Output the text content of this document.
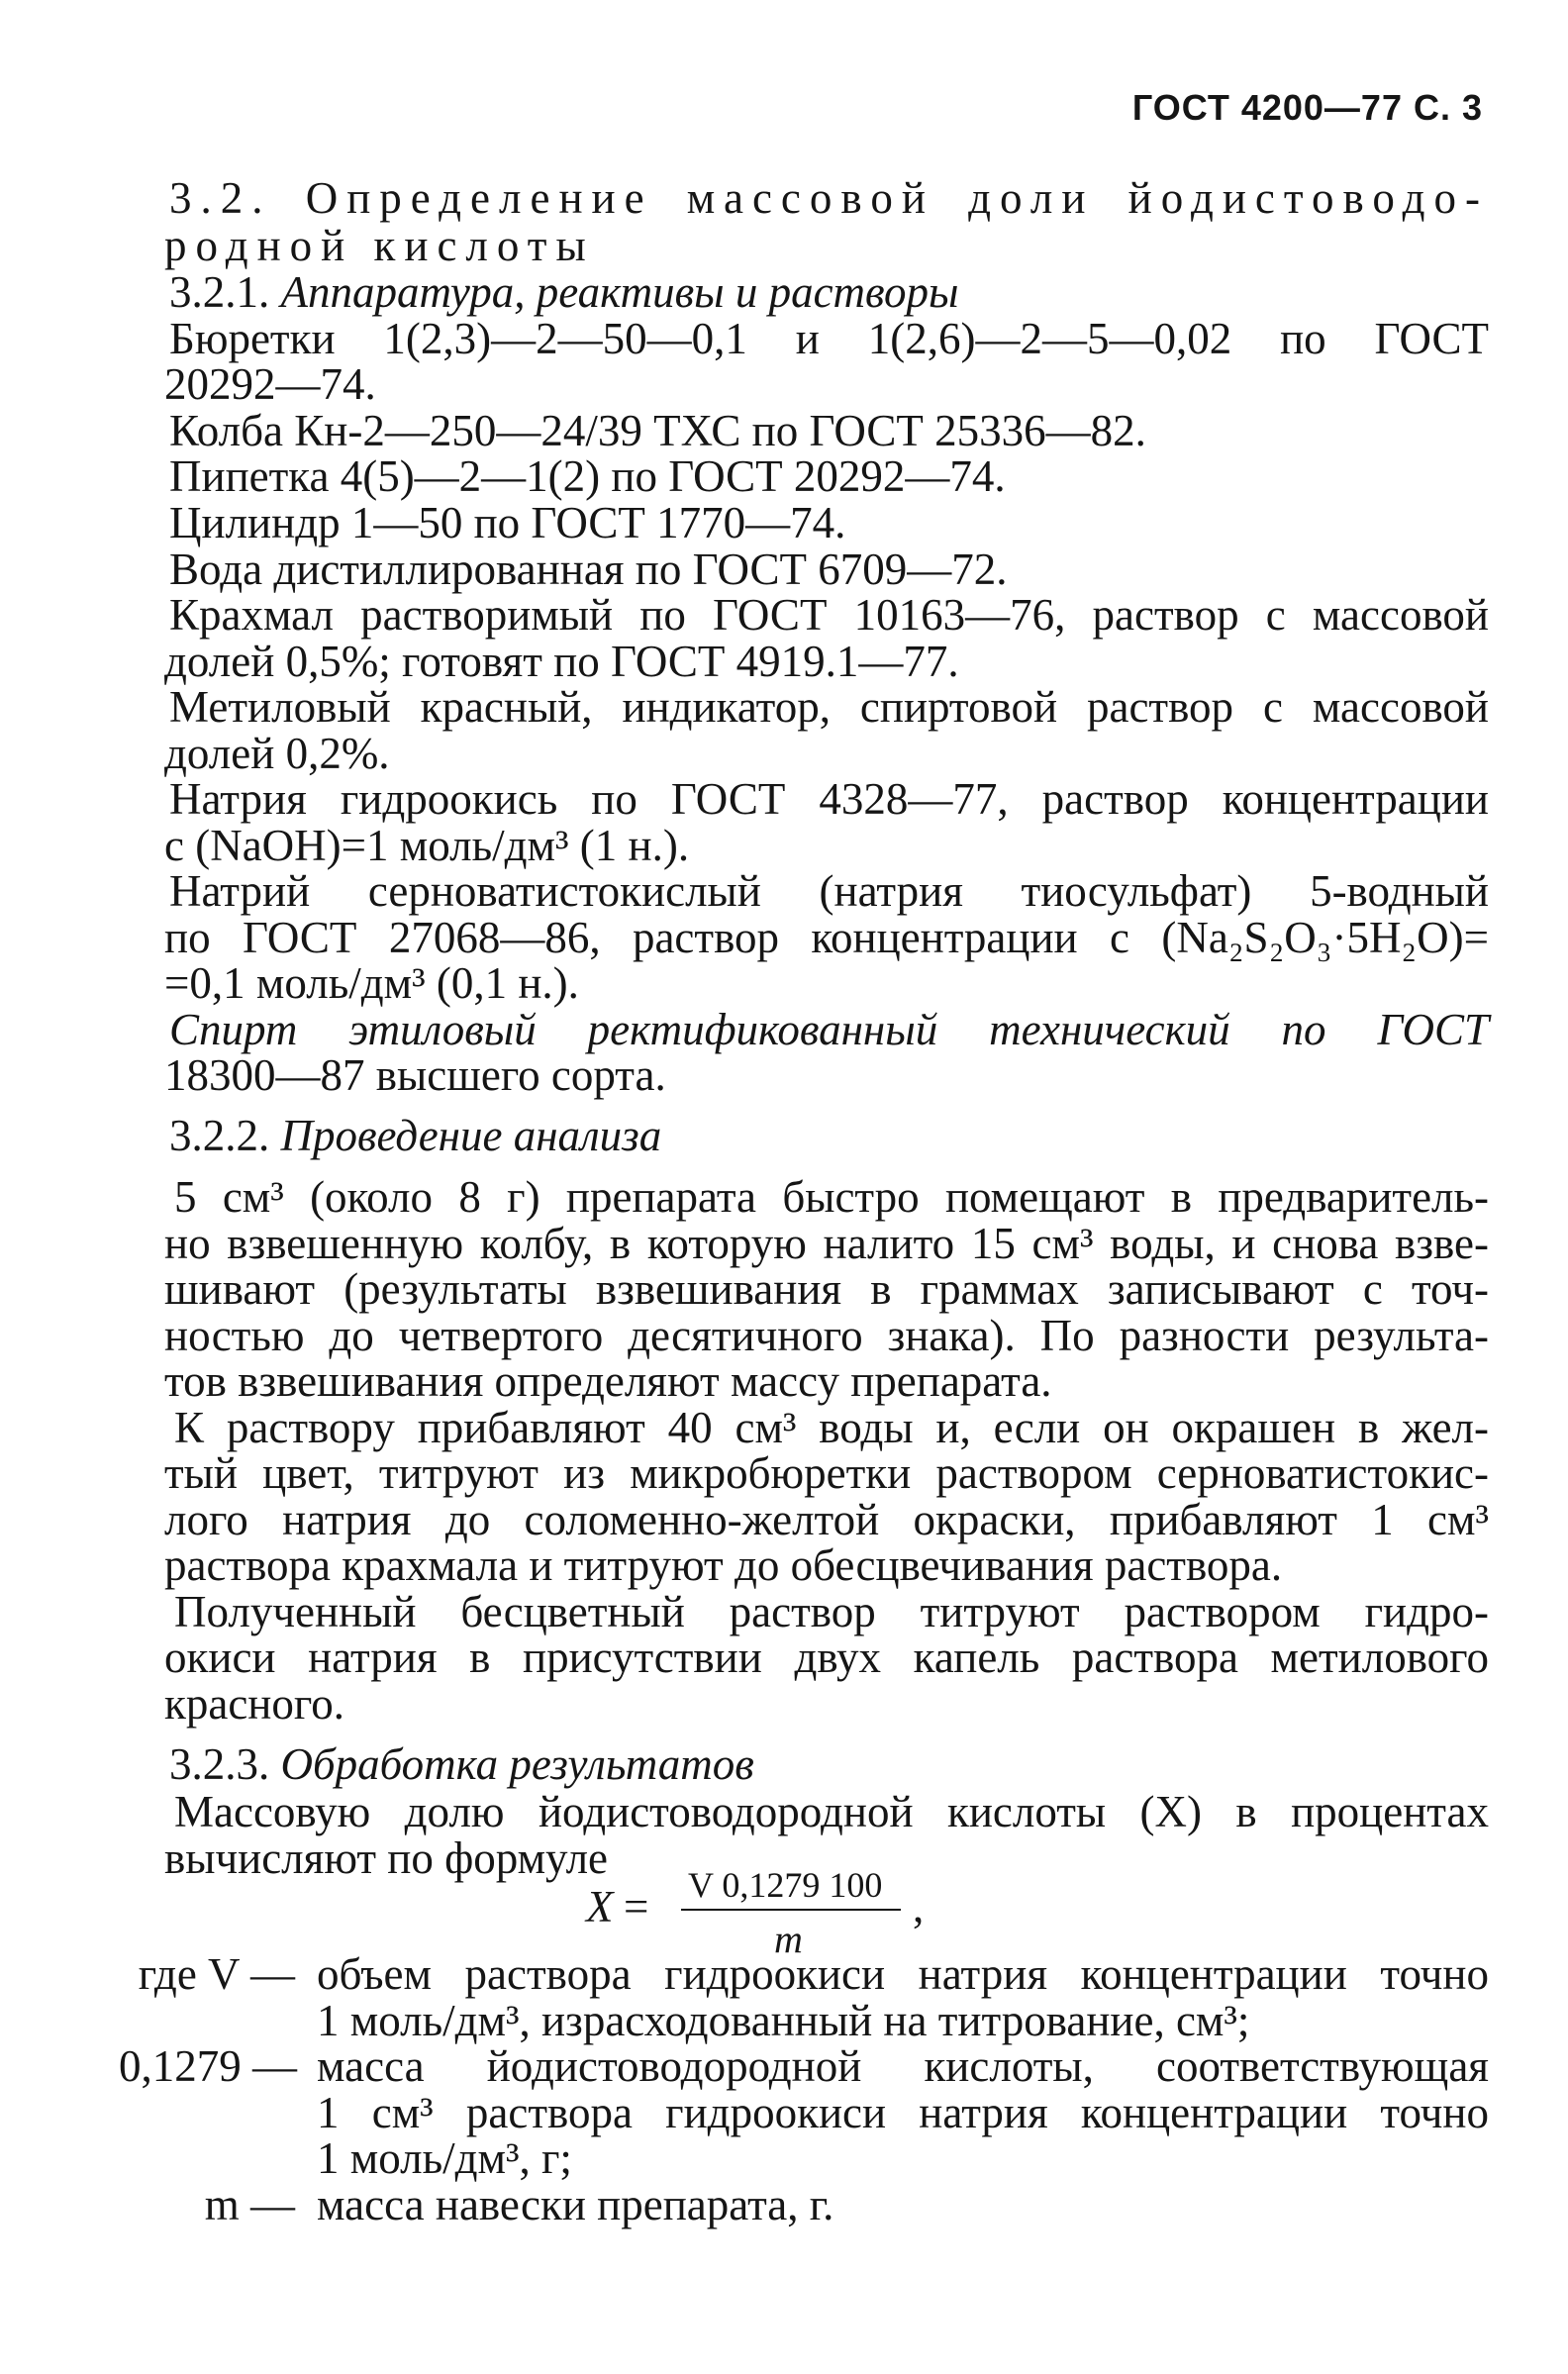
ГОСТ 4200—77 С. 3
3.2. Определение массовой доли йодистоводо-
родной кислоты
3.2.1. Аппаратура, реактивы и растворы
Бюретки 1(2,3)—2—50—0,1 и 1(2,6)—2—5—0,02 по ГОСТ
20292—74.
Колба Кн-2—250—24/39 ТХС по ГОСТ 25336—82.
Пипетка 4(5)—2—1(2) по ГОСТ 20292—74.
Цилиндр 1—50 по ГОСТ 1770—74.
Вода дистиллированная по ГОСТ 6709—72.
Крахмал растворимый по ГОСТ 10163—76, раствор с массовой
долей 0,5%; готовят по ГОСТ 4919.1—77.
Метиловый красный, индикатор, спиртовой раствор с массовой
долей 0,2%.
Натрия гидроокись по ГОСТ 4328—77, раствор концентрации
c (NaOH)=1 моль/дм³ (1 н.).
Натрий серноватистокислый (натрия тиосульфат) 5-водный
по ГОСТ 27068—86, раствор концентрации c (Na₂S₂O₃·5H₂O)=
=0,1 моль/дм³ (0,1 н.).
Спирт этиловый ректификованный технический по ГОСТ
18300—87 высшего сорта.
3.2.2. Проведение анализа
5 см³ (около 8 г) препарата быстро помещают в предваритель-
но взвешенную колбу, в которую налито 15 см³ воды, и снова взве-
шивают (результаты взвешивания в граммах записывают с точ-
ностью до четвертого десятичного знака). По разности результа-
тов взвешивания определяют массу препарата.
К раствору прибавляют 40 см³ воды и, если он окрашен в жел-
тый цвет, титруют из микробюретки раствором серноватистокис-
лого натрия до соломенно-желтой окраски, прибавляют 1 см³
раствора крахмала и титруют до обесцвечивания раствора.
Полученный бесцветный раствор титруют раствором гидро-
окиси натрия в присутствии двух капель раствора метилового
красного.
3.2.3. Обработка результатов
Массовую долю йодистоводородной кислоты (X) в процентах
вычисляют по формуле
X = V 0,1279 100
m
,
где V — объем раствора гидроокиси натрия концентрации точно
1 моль/дм³, израсходованный на титрование, см³;
0,1279 — масса йодистоводородной кислоты, соответствующая
1 см³ раствора гидроокиси натрия концентрации точно
1 моль/дм³, г;
m — масса навески препарата, г.
